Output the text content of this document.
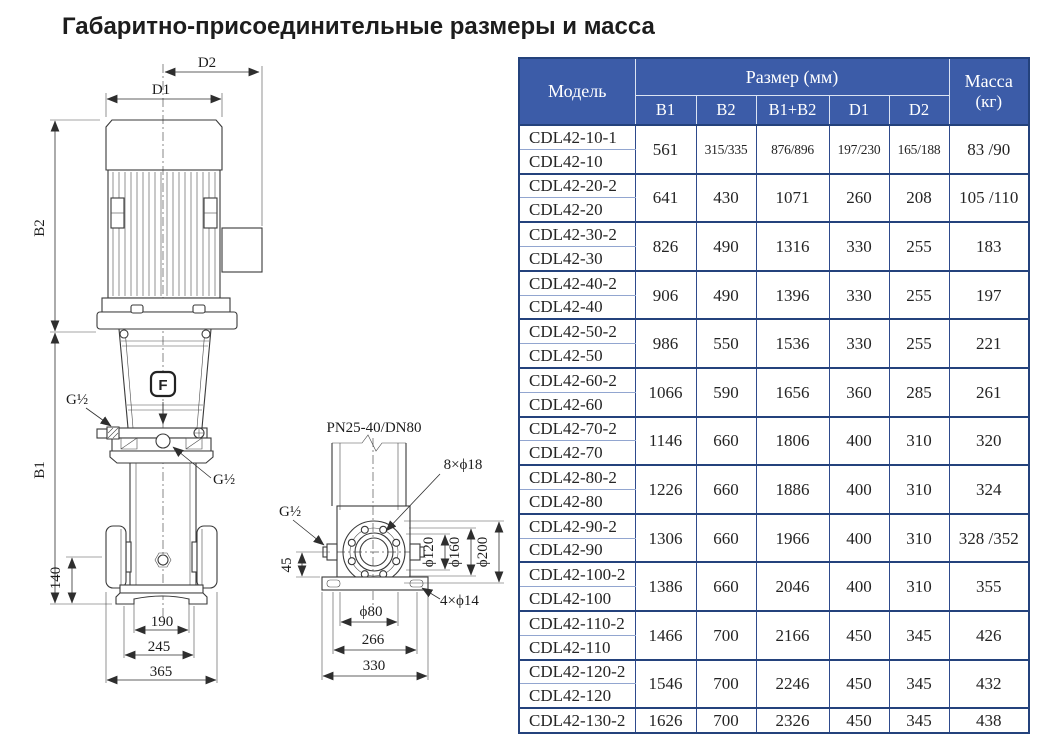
Габаритно-присоединительные размеры и масса
F
D2
D1
B2
B1
140
G½
G½
190
245
365
PN25-40/DN80
8×ϕ18
G½
45	ϕ120 ϕ160 ϕ200
ϕ80
266
330
4×ϕ14
Модель	Размер (мм)					Масса
(кг)

	B1	B2	B1+B2	D1	D2	
CDL42-10-1	561	315/335	876/896	197/230	165/188	83 /90
CDL42-10						
CDL42-20-2	641	430	1071	260	208	105 /110
CDL42-20						
CDL42-30-2	826	490	1316	330	255	183
CDL42-30						
CDL42-40-2	906	490	1396	330	255	197
CDL42-40						
CDL42-50-2	986	550	1536	330	255	221
CDL42-50						
CDL42-60-2	1066	590	1656	360	285	261
CDL42-60						
CDL42-70-2	1146	660	1806	400	310	320
CDL42-70						
CDL42-80-2	1226	660	1886	400	310	324
CDL42-80						
CDL42-90-2	1306	660	1966	400	310	328 /352
CDL42-90						
CDL42-100-2	1386	660	2046	400	310	355
CDL42-100						
CDL42-110-2	1466	700	2166	450	345	426
CDL42-110						
CDL42-120-2	1546	700	2246	450	345	432
CDL42-120						
CDL42-130-2	1626	700	2326	450	345	438
